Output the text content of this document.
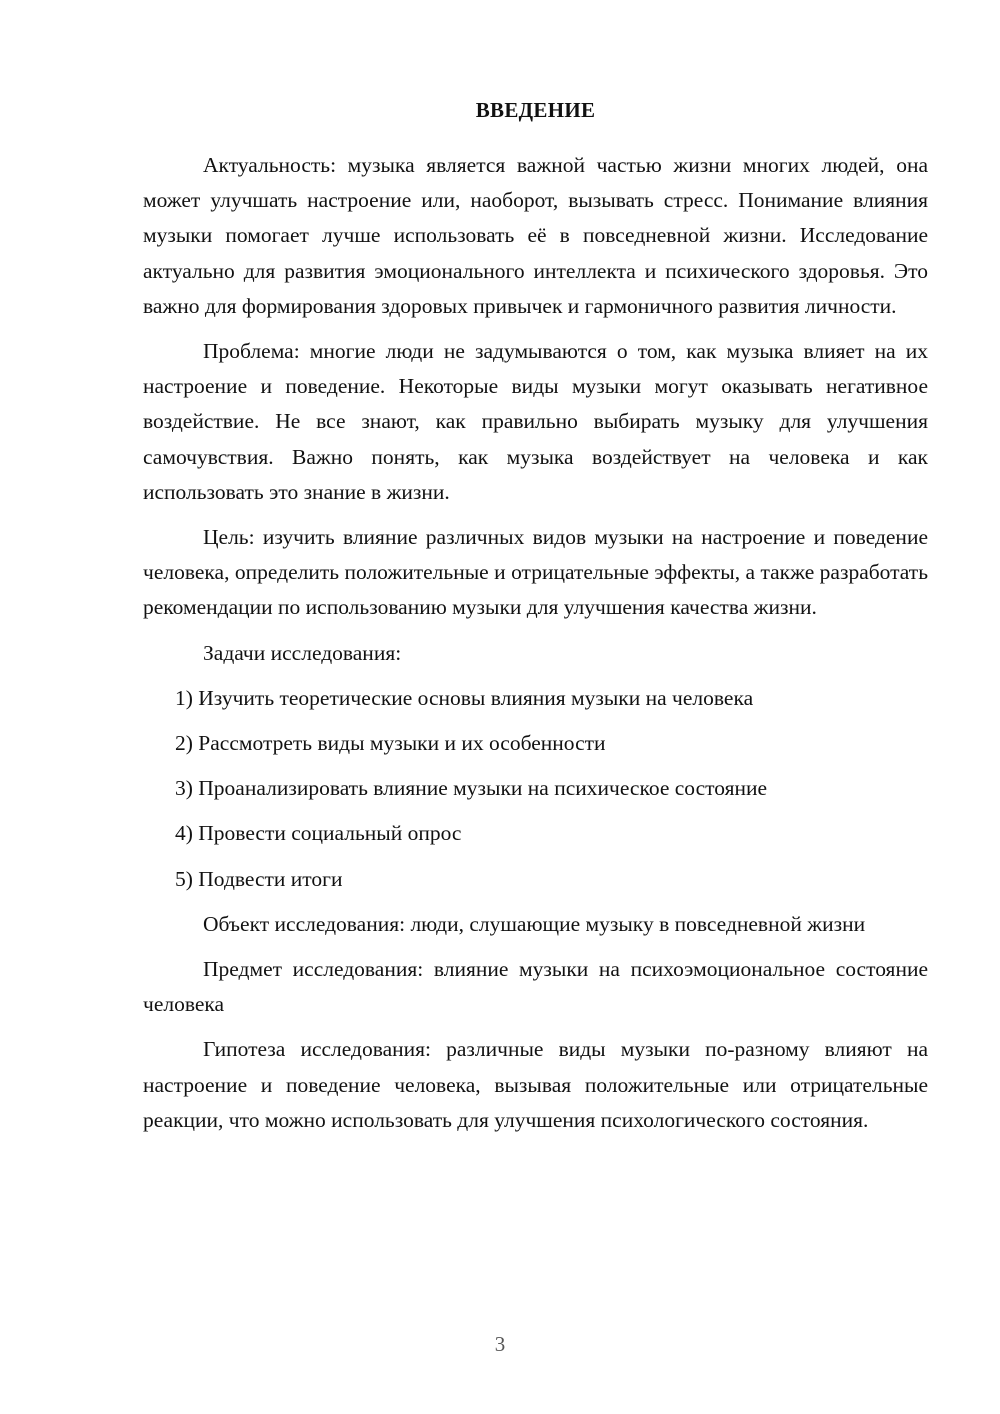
ВВЕДЕНИЕ

Актуальность: музыка является важной частью жизни многих людей, она может улучшать настроение или, наоборот, вызывать стресс. Понимание влияния музыки помогает лучше использовать её в повседневной жизни. Исследование актуально для развития эмоционального интеллекта и психического здоровья. Это важно для формирования здоровых привычек и гармоничного развития личности.

Проблема: многие люди не задумываются о том, как музыка влияет на их настроение и поведение. Некоторые виды музыки могут оказывать негативное воздействие. Не все знают, как правильно выбирать музыку для улучшения самочувствия. Важно понять, как музыка воздействует на человека и как использовать это знание в жизни.

Цель: изучить влияние различных видов музыки на настроение и поведение человека, определить положительные и отрицательные эффекты, а также разработать рекомендации по использованию музыки для улучшения качества жизни.

Задачи исследования:

1) Изучить теоретические основы влияния музыки на человека
2) Рассмотреть виды музыки и их особенности
3) Проанализировать влияние музыки на психическое состояние
4) Провести социальный опрос
5) Подвести итоги

Объект исследования: люди, слушающие музыку в повседневной жизни

Предмет исследования: влияние музыки на психоэмоциональное состояние человека

Гипотеза исследования: различные виды музыки по-разному влияют на настроение и поведение человека, вызывая положительные или отрицательные реакции, что можно использовать для улучшения психологического состояния.

3
